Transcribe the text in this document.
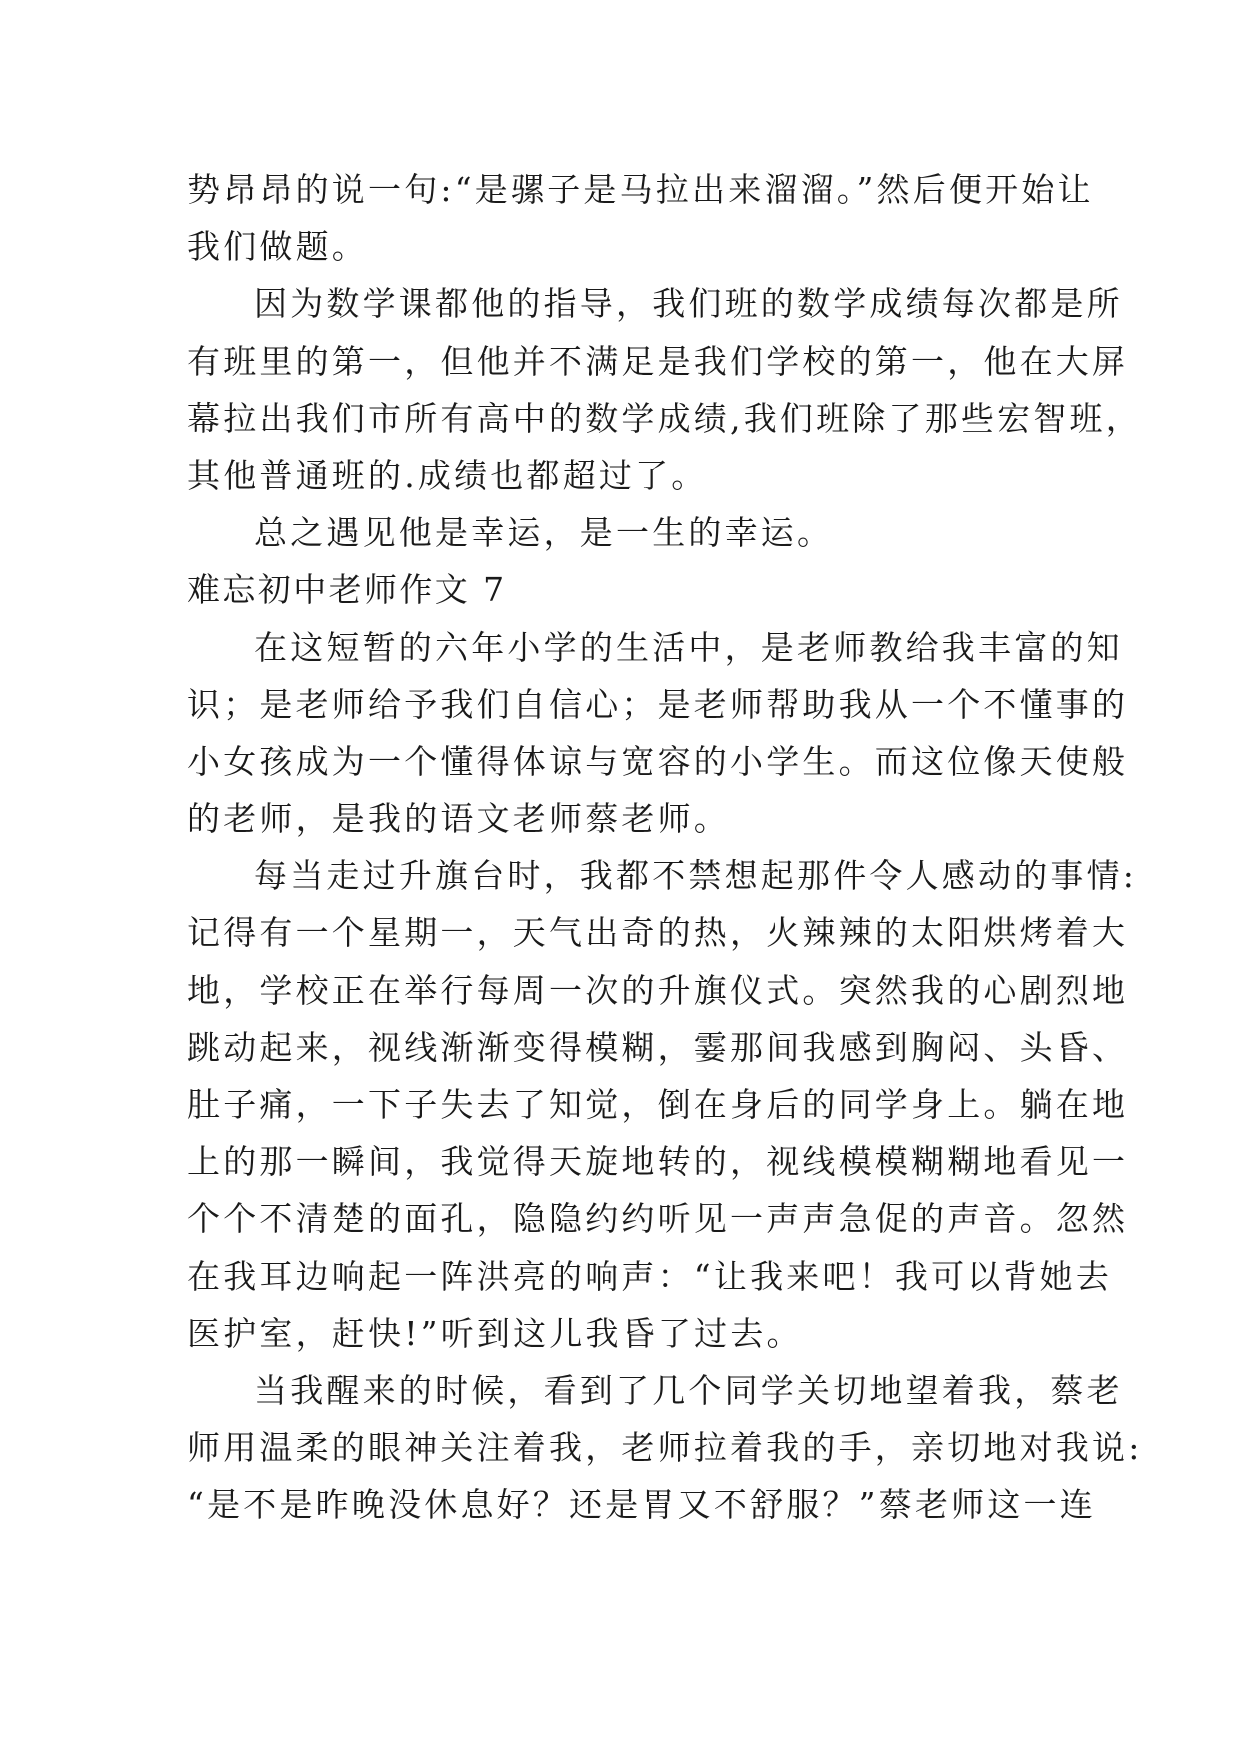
势昂昂的说一句:“是骡子是马拉出来溜溜。”然后便开始让
我们做题。
因为数学课都他的指导，我们班的数学成绩每次都是所
有班里的第一，但他并不满足是我们学校的第一，他在大屏
幕拉出我们市所有高中的数学成绩,我们班除了那些宏智班，
其他普通班的.成绩也都超过了。
总之遇见他是幸运，是一生的幸运。
难忘初中老师作文 7
在这短暂的六年小学的生活中，是老师教给我丰富的知
识；是老师给予我们自信心；是老师帮助我从一个不懂事的
小女孩成为一个懂得体谅与宽容的小学生。而这位像天使般
的老师，是我的语文老师蔡老师。
每当走过升旗台时，我都不禁想起那件令人感动的事情:
记得有一个星期一，天气出奇的热，火辣辣的太阳烘烤着大
地，学校正在举行每周一次的升旗仪式。突然我的心剧烈地
跳动起来，视线渐渐变得模糊，霎那间我感到胸闷、头昏、
肚子痛，一下子失去了知觉，倒在身后的同学身上。躺在地
上的那一瞬间，我觉得天旋地转的，视线模模糊糊地看见一
个个不清楚的面孔，隐隐约约听见一声声急促的声音。忽然
在我耳边响起一阵洪亮的响声：“让我来吧！我可以背她去
医护室，赶快!”听到这儿我昏了过去。
当我醒来的时候，看到了几个同学关切地望着我，蔡老
师用温柔的眼神关注着我，老师拉着我的手，亲切地对我说:
“是不是昨晚没休息好？还是胃又不舒服？”蔡老师这一连
